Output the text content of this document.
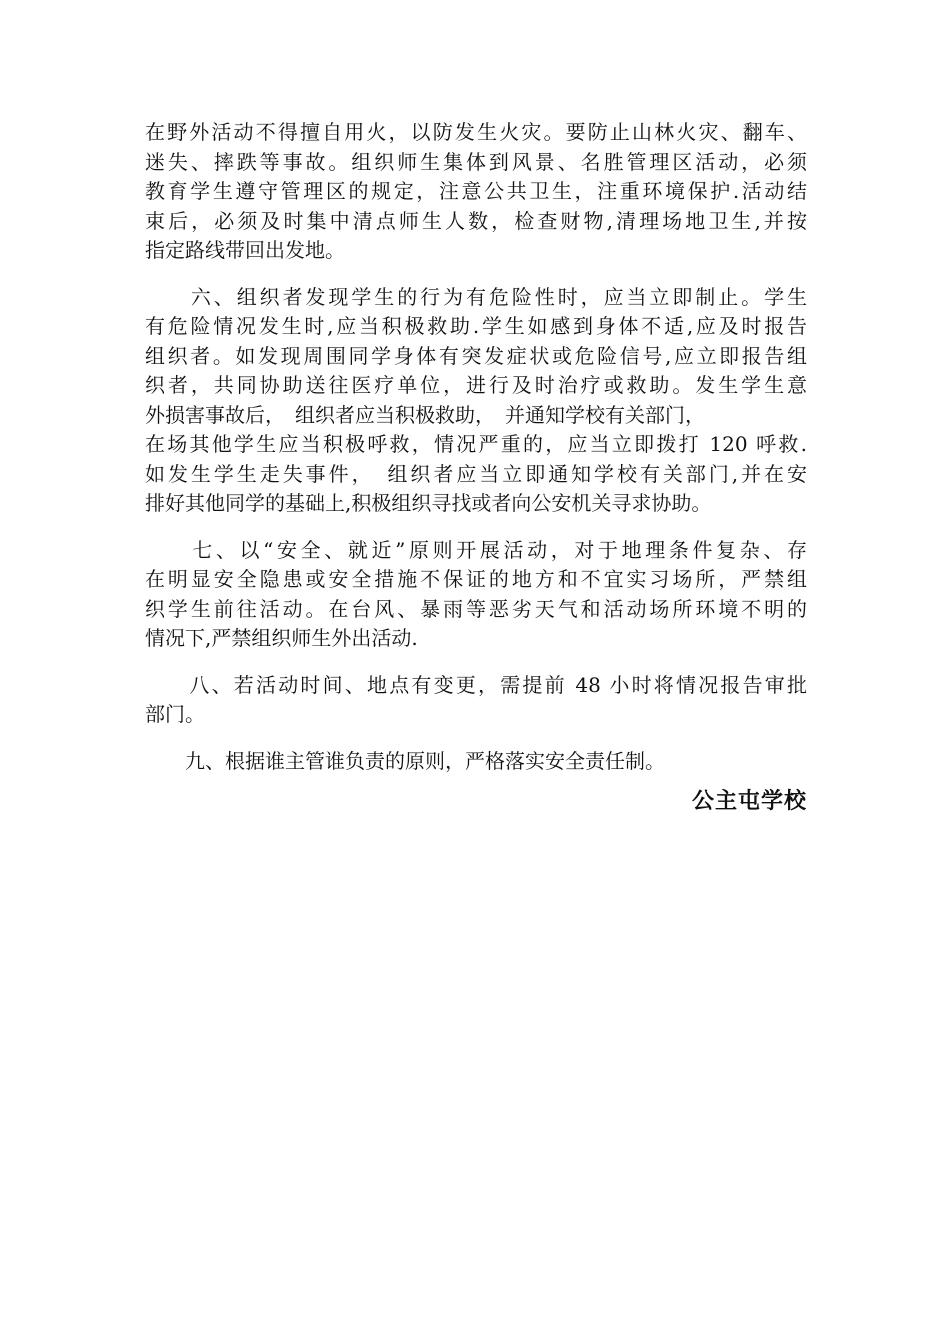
在野外活动不得擅自用火，以防发生火灾。要防止山林火灾、翻车、
迷失、摔跌等事故。组织师生集体到风景、名胜管理区活动，必须
教育学生遵守管理区的规定，注意公共卫生，注重环境保护.活动结
束后，必须及时集中清点师生人数，检查财物,清理场地卫生,并按
指定路线带回出发地。

　　六、组织者发现学生的行为有危险性时，应当立即制止。学生
有危险情况发生时,应当积极救助.学生如感到身体不适,应及时报告
组织者。如发现周围同学身体有突发症状或危险信号,应立即报告组
织者，共同协助送往医疗单位，进行及时治疗或救助。发生学生意
外损害事故后，　组织者应当积极救助，　并通知学校有关部门，
在场其他学生应当积极呼救，情况严重的，应当立即拨打 120 呼救.
如发生学生走失事件，　组织者应当立即通知学校有关部门,并在安
排好其他同学的基础上,积极组织寻找或者向公安机关寻求协助。

　　七、以“安全、就近”原则开展活动，对于地理条件复杂、存
在明显安全隐患或安全措施不保证的地方和不宜实习场所，严禁组
织学生前往活动。在台风、暴雨等恶劣天气和活动场所环境不明的
情况下,严禁组织师生外出活动.

　　八、若活动时间、地点有变更，需提前 48 小时将情况报告审批
部门。

　　九、根据谁主管谁负责的原则，严格落实安全责任制。

公主屯学校
